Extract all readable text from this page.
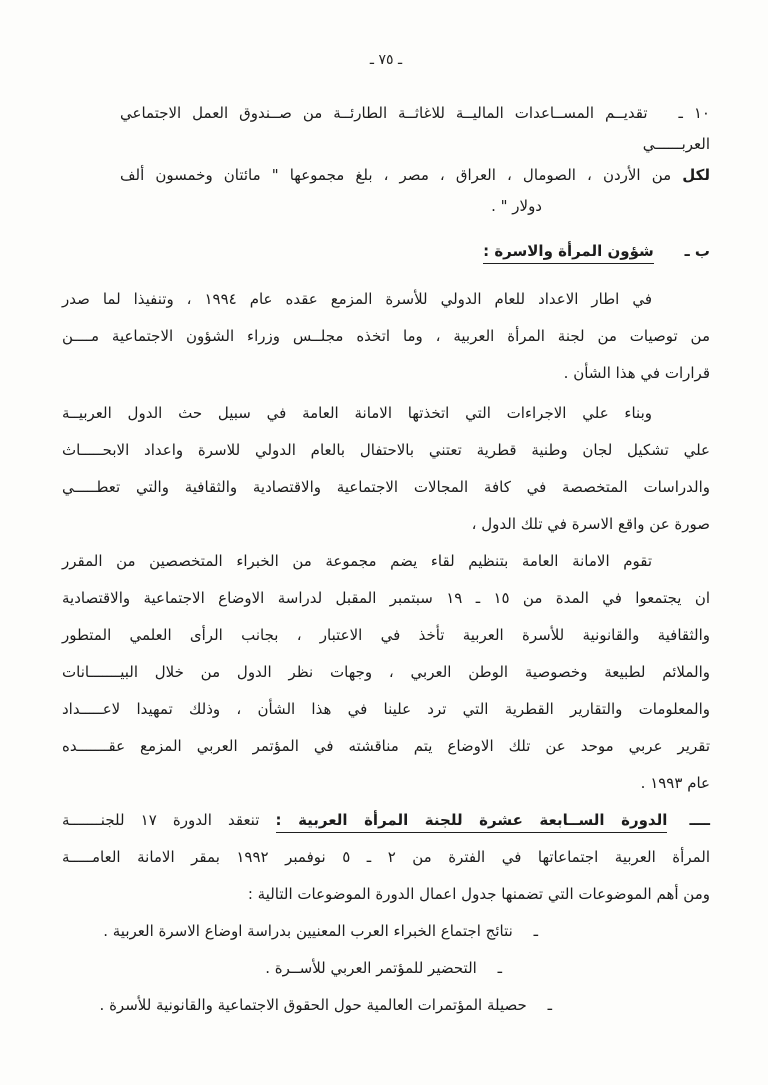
ـ ٧٥ ـ
١٠ ـ تقديــم المســاعدات الماليــة للاغاثــة الطارئــة من صــندوق العمل الاجتماعي العربــــــي
لكل من الأردن ، الصومال ، العراق ، مصر ، بلغ مجموعها " مائتان وخمسون ألف
دولار " .
ب ـ شؤون المرأة والاسرة :
في اطار الاعداد للعام الدولي للأسرة المزمع عقده عام ١٩٩٤ ، وتنفيذا لما صدر
من توصيات من لجنة المرأة العربية ، وما اتخذه مجلــس وزراء الشؤون الاجتماعية مــــن
قرارات في هذا الشأن .
وبناء علي الاجراءات التي اتخذتها الامانة العامة في سبيل حث الدول العربيــة
علي تشكيل لجان وطنية قطرية تعتني بالاحتفال بالعام الدولي للاسرة واعداد الابحـــــاث
والدراسات المتخصصة في كافة المجالات الاجتماعية والاقتصادية والثقافية والتي تعطـــــي
صورة عن واقع الاسرة في تلك الدول ،
تقوم الامانة العامة بتنظيم لقاء يضم مجموعة من الخبراء المتخصصين من المقرر
ان يجتمعوا في المدة من ١٥ ـ ١٩ سبتمبر المقبل لدراسة الاوضاع الاجتماعية والاقتصادية
والثقافية والقانونية للأسرة العربية تأخذ في الاعتبار ، بجانب الرأى العلمي المتطور
والملائم لطبيعة وخصوصية الوطن العربي ، وجهات نظر الدول من خلال البيـــــــانات
والمعلومات والتقارير القطرية التي ترد علينا في هذا الشأن ، وذلك تمهيدا لاعـــــداد
تقرير عربي موحد عن تلك الاوضاع يتم مناقشته في المؤتمر العربي المزمع عقـــــــده
عام ١٩٩٣ .
ــــ الدورة الســابعة عشرة للجنة المرأة العربية : تنعقد الدورة ١٧ للجنـــــــة
المرأة العربية اجتماعاتها في الفترة من ٢ ـ ٥ نوفمبر ١٩٩٢ بمقر الامانة العامـــــة
ومن أهم الموضوعات التي تضمنها جدول اعمال الدورة الموضوعات التالية :
ـ نتائج اجتماع الخبراء العرب المعنيين بدراسة اوضاع الاسرة العربية .
ـ التحضير للمؤتمر العربي للأســرة .
ـ حصيلة المؤتمرات العالمية حول الحقوق الاجتماعية والقانونية للأسرة .
